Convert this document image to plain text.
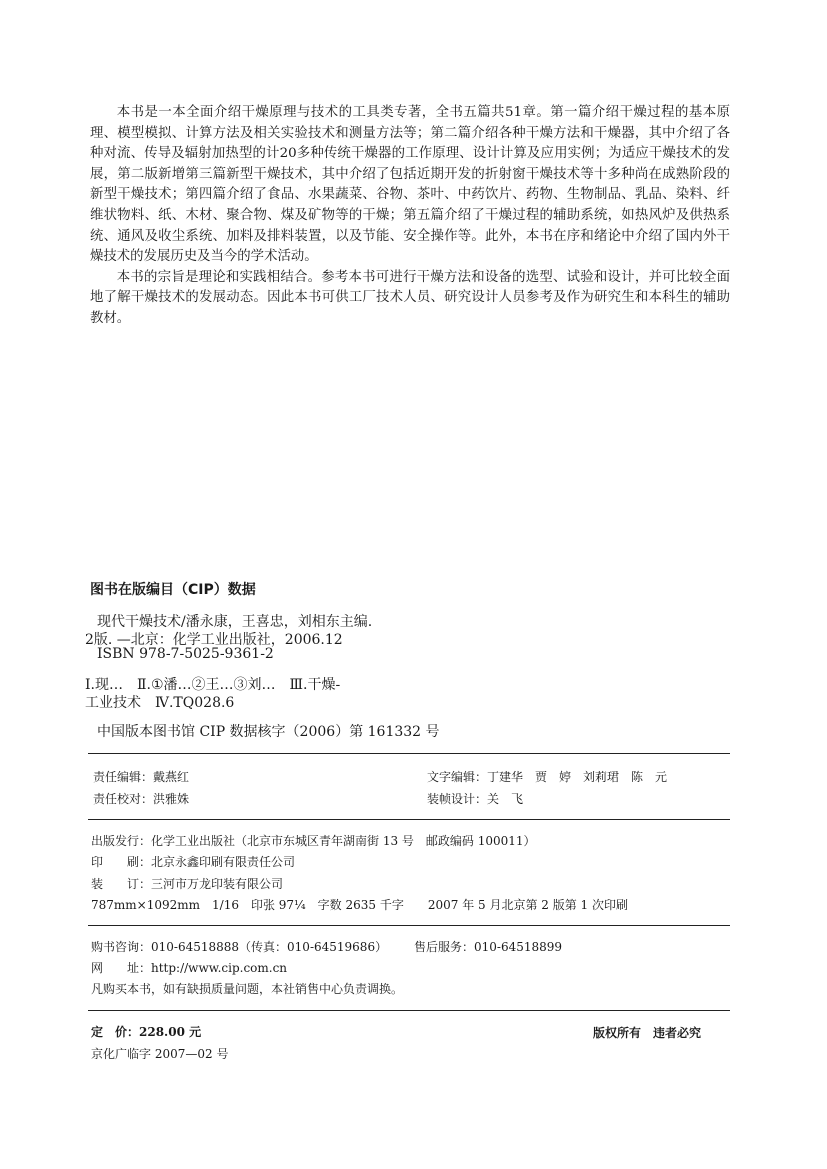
本书是一本全面介绍干燥原理与技术的工具类专著，全书五篇共51章。第一篇介绍干燥过程的基本原理、模型模拟、计算方法及相关实验技术和测量方法等；第二篇介绍各种干燥方法和干燥器，其中介绍了各种对流、传导及辐射加热型的计20多种传统干燥器的工作原理、设计计算及应用实例；为适应干燥技术的发展，第二版新增第三篇新型干燥技术，其中介绍了包括近期开发的折射窗干燥技术等十多种尚在成熟阶段的新型干燥技术；第四篇介绍了食品、水果蔬菜、谷物、茶叶、中药饮片、药物、生物制品、乳品、染料、纤维状物料、纸、木材、聚合物、煤及矿物等的干燥；第五篇介绍了干燥过程的辅助系统，如热风炉及供热系统、通风及收尘系统、加料及排料装置，以及节能、安全操作等。此外，本书在序和绪论中介绍了国内外干燥技术的发展历史及当今的学术活动。

本书的宗旨是理论和实践相结合。参考本书可进行干燥方法和设备的选型、试验和设计，并可比较全面地了解干燥技术的发展动态。因此本书可供工厂技术人员、研究设计人员参考及作为研究生和本科生的辅助教材。

图书在版编目（CIP）数据
现代干燥技术/潘永康，王喜忠，刘相东主编.
2版. —北京：化学工业出版社，2006.12
ISBN 978-7-5025-9361-2
Ⅰ.现…　Ⅱ.①潘…②王…③刘…　Ⅲ.干燥-
工业技术　Ⅳ.TQ028.6
中国版本图书馆 CIP 数据核字（2006）第 161332 号
责任编辑：戴燕红	文字编辑：丁建华　贾　婷　刘莉珺　陈　元
责任校对：洪雅姝	装帧设计：关　飞
出版发行：化学工业出版社（北京市东城区青年湖南街 13 号　邮政编码 100011）
印　　刷：北京永鑫印刷有限责任公司
装　　订：三河市万龙印装有限公司
787mm×1092mm　1/16　印张 97¼　字数 2635 千字　　2007 年 5 月北京第 2 版第 1 次印刷
购书咨询：010-64518888（传真：010-64519686） 售后服务：010-64518899
网　　址：http://www.cip.com.cn
凡购买本书，如有缺损质量问题，本社销售中心负责调换。
定　价：228.00 元	版权所有　违者必究
京化广临字 2007—02 号
